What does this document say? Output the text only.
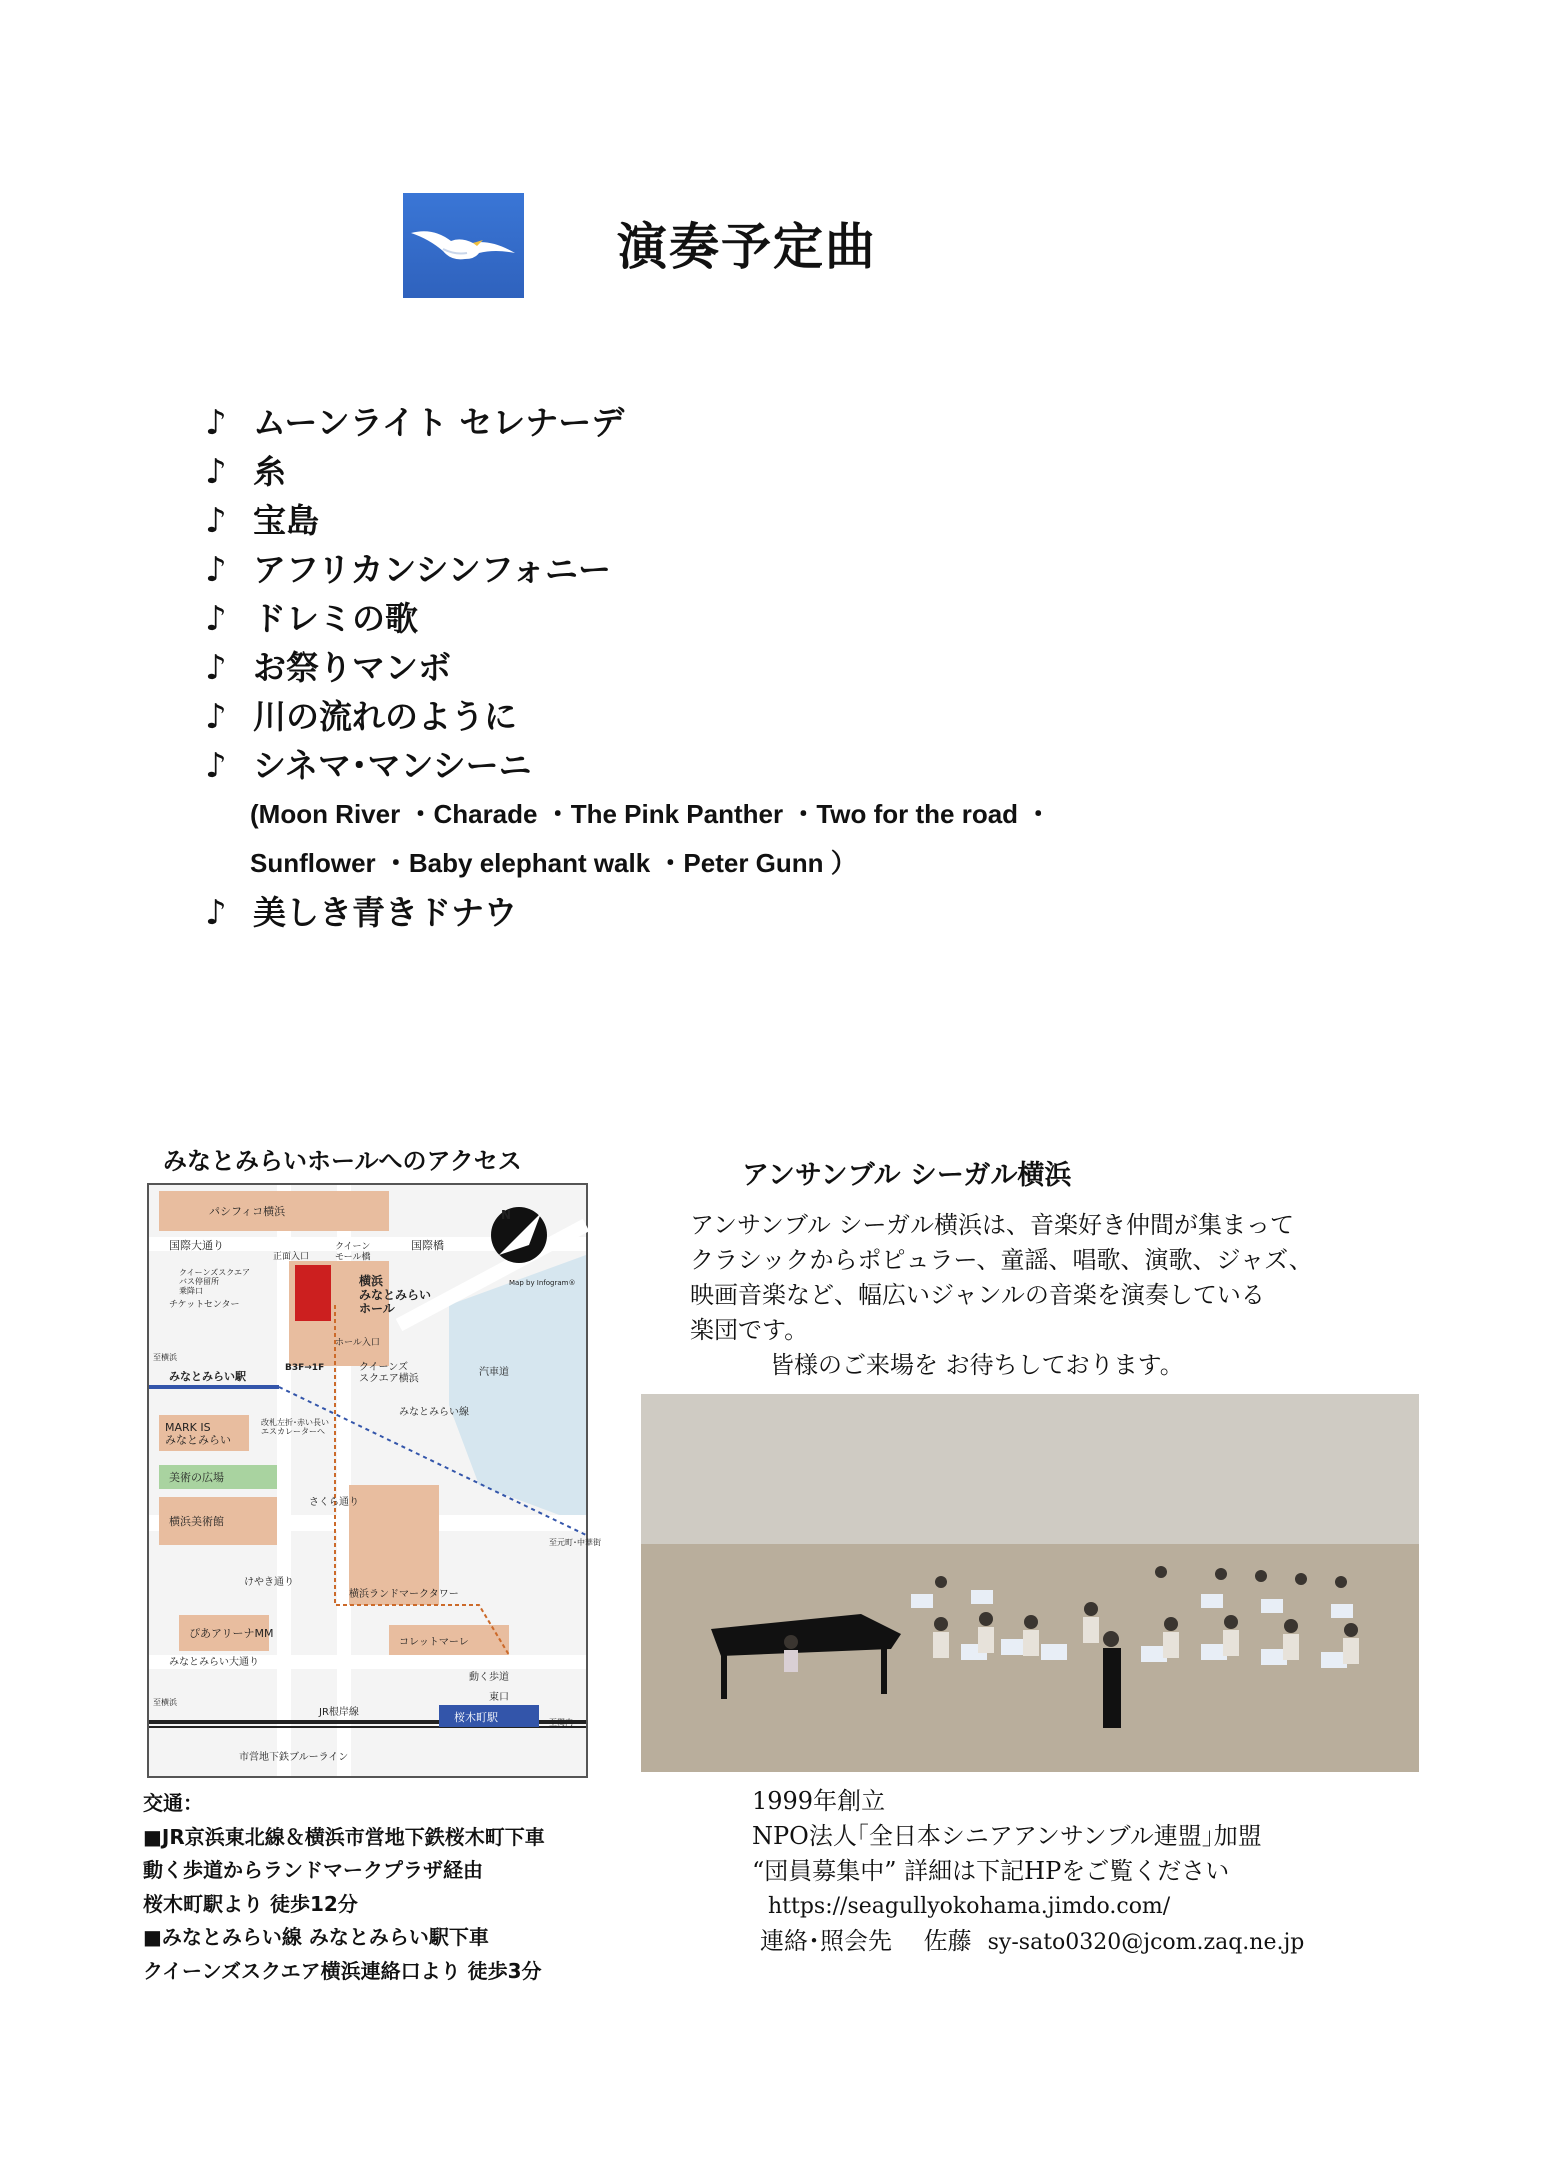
演奏予定曲
♪ ムーンライト セレナーデ
♪ 糸
♪ 宝島
♪ アフリカンシンフォニー
♪ ドレミの歌
♪ お祭りマンボ
♪ 川の流れのように
♪ シネマ･マンシーニ
(Moon River ・Charade ・The Pink Panther ・Two for the road ・
Sunflower ・Baby elephant walk ・Peter Gunn ）
♪ 美しき青きドナウ
みなとみらいホールへのアクセス
パシフィコ横浜
国際大通り	国際橋
正面入口
クイーンモール橋
クイーンズスクエアバス停留所乗降口
チケットセンター
横浜みなとみらいホール
ホール入口
クイーンズスクエア横浜
みなとみらい駅
B3F→1F
MARK IS みなとみらい
改札左折･赤い長いエスカレーターへ
美術の広場
横浜美術館
けやき通り
さくら通り
みなとみらい線
汽車道
横浜ランドマークタワー
みなとみらい大通り
動く歩道
ぴあアリーナMM
コレットマーレ
JR根岸線
東口
桜木町駅
市営地下鉄ブルーライン
至横浜
至横浜
至元町･中華街
至関内
Map by Infogram®
N
交通：
■JR京浜東北線＆横浜市営地下鉄桜木町下車
動く歩道からランドマークプラザ経由
桜木町駅より 徒歩12分
■みなとみらい線 みなとみらい駅下車
クイーンズスクエア横浜連絡口より 徒歩3分
アンサンブル シーガル横浜
アンサンブル シーガル横浜は、音楽好き仲間が集まって
クラシックからポピュラー、童謡、唱歌、演歌、ジャズ、
映画音楽など、幅広いジャンルの音楽を演奏している
楽団です。
皆様のご来場を お待ちしております。
1999年創立
NPO法人｢全日本シニアアンサンブル連盟｣加盟
“団員募集中” 詳細は下記HPをご覧ください
https://seagullyokohama.jimdo.com/
連絡･照会先　 佐藤 sy-sato0320@jcom.zaq.ne.jp
